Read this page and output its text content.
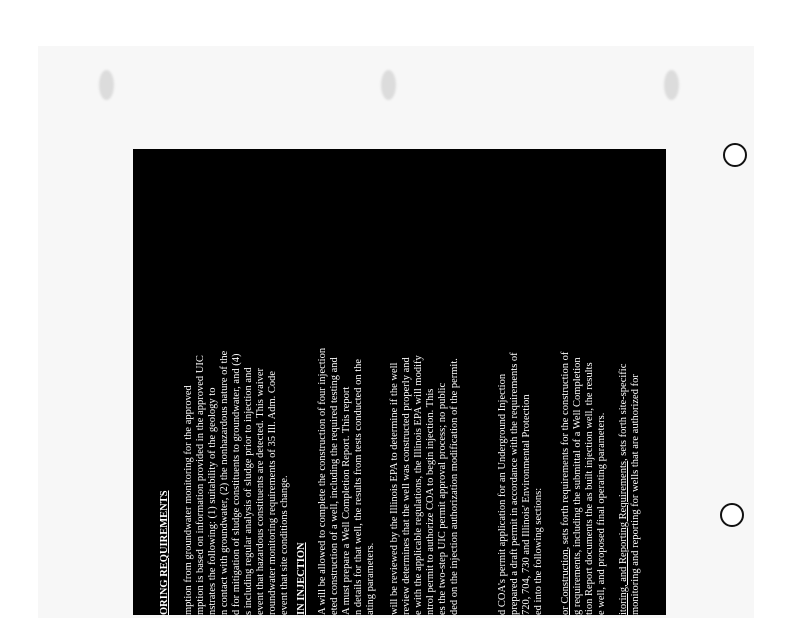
ORING REQUIREMENTS mption from groundwater monitoring for the approved mption is based on information provided in the approved UIC nstrates the following: (1) suitability of the geology to n contact with groundwater, (2) the nonhazardous nature of the d for mitigation of sludge constituents to groundwater, and (4) s including regular analysis of sludge prior to injection and event that hazardous constituents are detected. This waiver roundwater monitoring requirements of 35 Ill. Adm. Code event that site conditions change. IN INJECTION A will be allowed to complete the construction of four injection eted construction of a well, including the required testing and A must prepare a Well Completion Report. This report n details for that well, the results from tests conducted on the ating parameters. will be reviewed by the Illinois EPA to determine if the well review determines that the well was constructed properly and e with the applicable regulations, the Illinois EPA will modify ntrol permit to authorize COA to begin injection. This es the two-step UIC permit approval process; no public ded on the injection authorization modification of the permit.	d COA's permit application for an Underground Injection prepared a draft permit in accordance with the requirements of 720, 704, 730 and Illinois' Environmental Protection ed into the following sections: or Construction, sets forth requirements for the construction of g requirements, including the submittal of a Well Completion tion Report documents the as built injection well, the results e well, and proposed final operating parameters. itoring, and Reporting Requirements, sets forth site-specific monitoring and reporting for wells that are authorized for
